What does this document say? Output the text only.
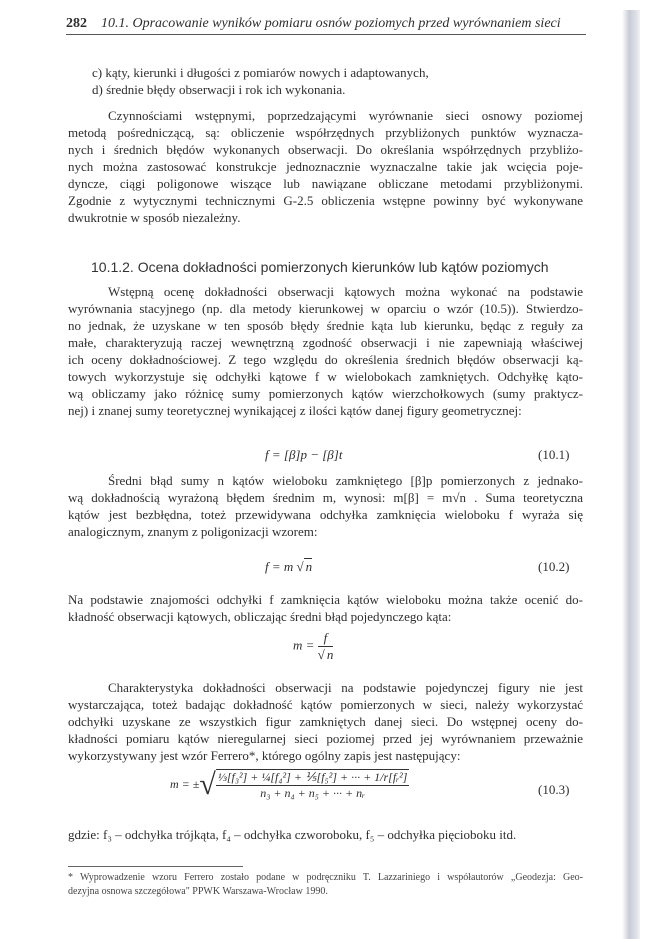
282 10.1. Opracowanie wyników pomiaru osnów poziomych przed wyrównaniem sieci
c) kąty, kierunki i długości z pomiarów nowych i adaptowanych,
d) średnie błędy obserwacji i rok ich wykonania.
Czynnościami wstępnymi, poprzedzającymi wyrównanie sieci osnowy poziomej
metodą pośredniczącą, są: obliczenie współrzędnych przybliżonych punktów wyznacza-
nych i średnich błędów wykonanych obserwacji. Do określania współrzędnych przybliżo-
nych można zastosować konstrukcje jednoznacznie wyznaczalne takie jak wcięcia poje-
dyncze, ciągi poligonowe wiszące lub nawiązane obliczane metodami przybliżonymi.
Zgodnie z wytycznymi technicznymi G-2.5 obliczenia wstępne powinny być wykonywane
dwukrotnie w sposób niezależny.
10.1.2. Ocena dokładności pomierzonych kierunków lub kątów poziomych
Wstępną ocenę dokładności obserwacji kątowych można wykonać na podstawie
wyrównania stacyjnego (np. dla metody kierunkowej w oparciu o wzór (10.5)). Stwierdzo-
no jednak, że uzyskane w ten sposób błędy średnie kąta lub kierunku, będąc z reguły za
małe, charakteryzują raczej wewnętrzną zgodność obserwacji i nie zapewniają właściwej
ich oceny dokładnościowej. Z tego względu do określenia średnich błędów obserwacji ką-
towych wykorzystuje się odchyłki kątowe f w wielobokach zamkniętych. Odchyłkę kąto-
wą obliczamy jako różnicę sumy pomierzonych kątów wierzchołkowych (sumy praktycz-
nej) i znanej sumy teoretycznej wynikającej z ilości kątów danej figury geometrycznej:
f = [β]p − [β]t	(10.1)
Średni błąd sumy n kątów wieloboku zamkniętego [β]p pomierzonych z jednako-
wą dokładnością wyrażoną błędem średnim m, wynosi: m[β] = m√n . Suma teoretyczna
kątów jest bezbłędna, toteż przewidywana odchyłka zamknięcia wieloboku f wyraża się
analogicznym, znanym z poligonizacji wzorem:
f = m √ n	(10.2)
Na podstawie znajomości odchyłki f zamknięcia kątów wieloboku można także ocenić do-
kładność obserwacji kątowych, obliczając średni błąd pojedynczego kąta:
$m = \frac{f}{√ n}$
Charakterystyka dokładności obserwacji na podstawie pojedynczej figury nie jest
wystarczająca, toteż badając dokładność kątów pomierzonych w sieci, należy wykorzystać
odchyłki uzyskane ze wszystkich figur zamkniętych danej sieci. Do wstępnej oceny do-
kładności pomiaru kątów nieregularnej sieci poziomej przed jej wyrównaniem przeważnie
wykorzystywany jest wzór Ferrero*, którego ogólny zapis jest następujący:
m = ±√ $\frac{\text{⅓[f₃²] + ¼[f₄²] + ⅕[f₅²] + ··· + 1/r[fᵣ²]}}{\text{n₃ + n₄ + n₅ + ··· + nᵣ}}$	(10.3)
gdzie: f₃ – odchyłka trójkąta, f₄ – odchyłka czworoboku, f₅ – odchyłka pięcioboku itd.
* Wyprowadzenie wzoru Ferrero zostało podane w podręczniku T. Lazzariniego i współautorów „Geodezja: Geo-
dezyjna osnowa szczegółowa" PPWK Warszawa-Wrocław 1990.
